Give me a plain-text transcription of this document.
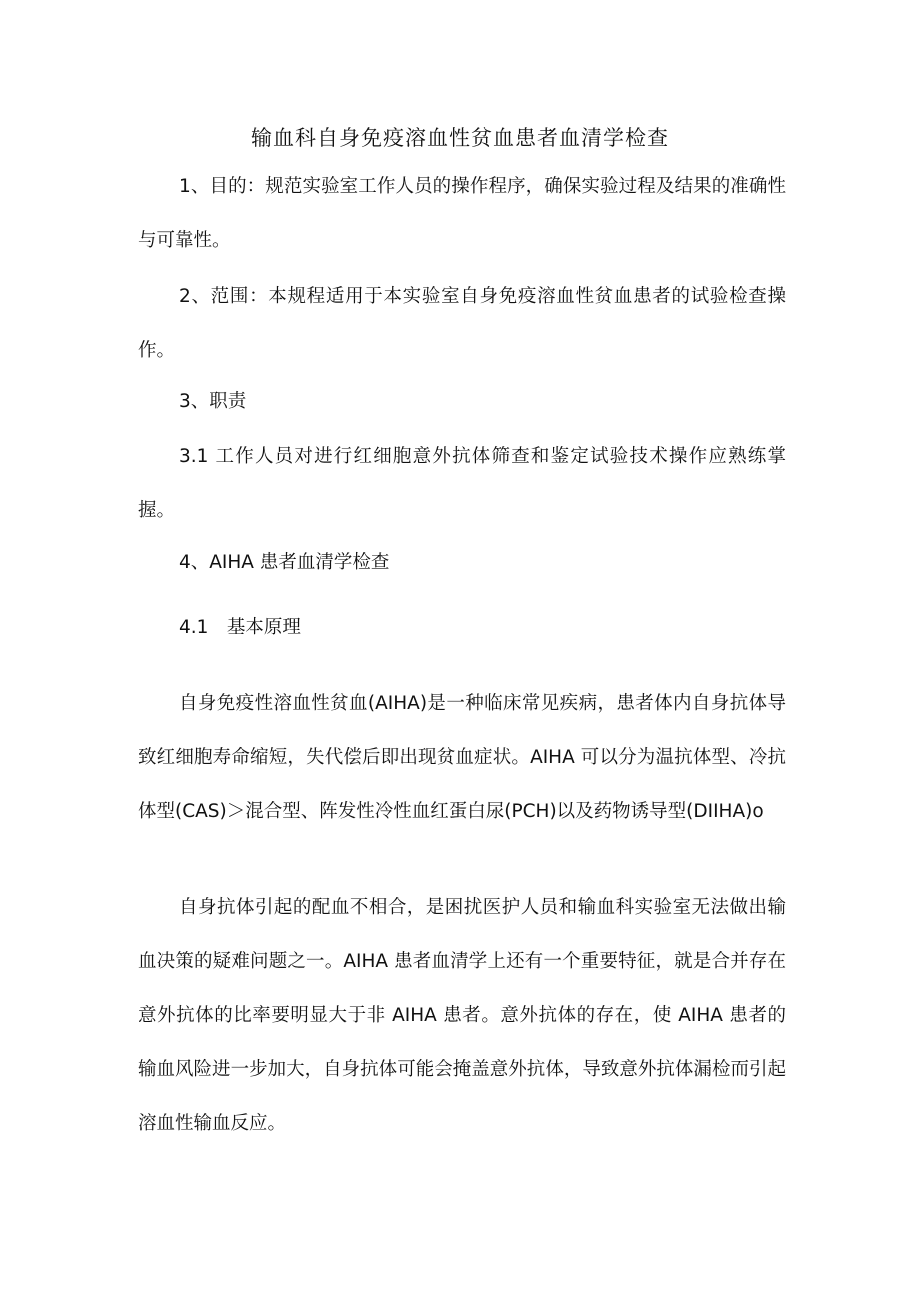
输血科自身免疫溶血性贫血患者血清学检查
1、目的：规范实验室工作人员的操作程序，确保实验过程及结果的准确性与可靠性。
2、范围：本规程适用于本实验室自身免疫溶血性贫血患者的试验检查操作。
3、职责
3.1 工作人员对进行红细胞意外抗体筛查和鉴定试验技术操作应熟练掌握。
4、AIHA 患者血清学检查
4.1　基本原理
自身免疫性溶血性贫血(AIHA)是一种临床常见疾病，患者体内自身抗体导致红细胞寿命缩短，失代偿后即出现贫血症状。AIHA 可以分为温抗体型、冷抗体型(CAS)＞混合型、阵发性冷性血红蛋白尿(PCH)以及药物诱导型(DIIHA)o
自身抗体引起的配血不相合，是困扰医护人员和输血科实验室无法做出输血决策的疑难问题之一。AIHA 患者血清学上还有一个重要特征，就是合并存在意外抗体的比率要明显大于非 AIHA 患者。意外抗体的存在，使 AIHA 患者的输血风险进一步加大，自身抗体可能会掩盖意外抗体，导致意外抗体漏检而引起溶血性输血反应。
